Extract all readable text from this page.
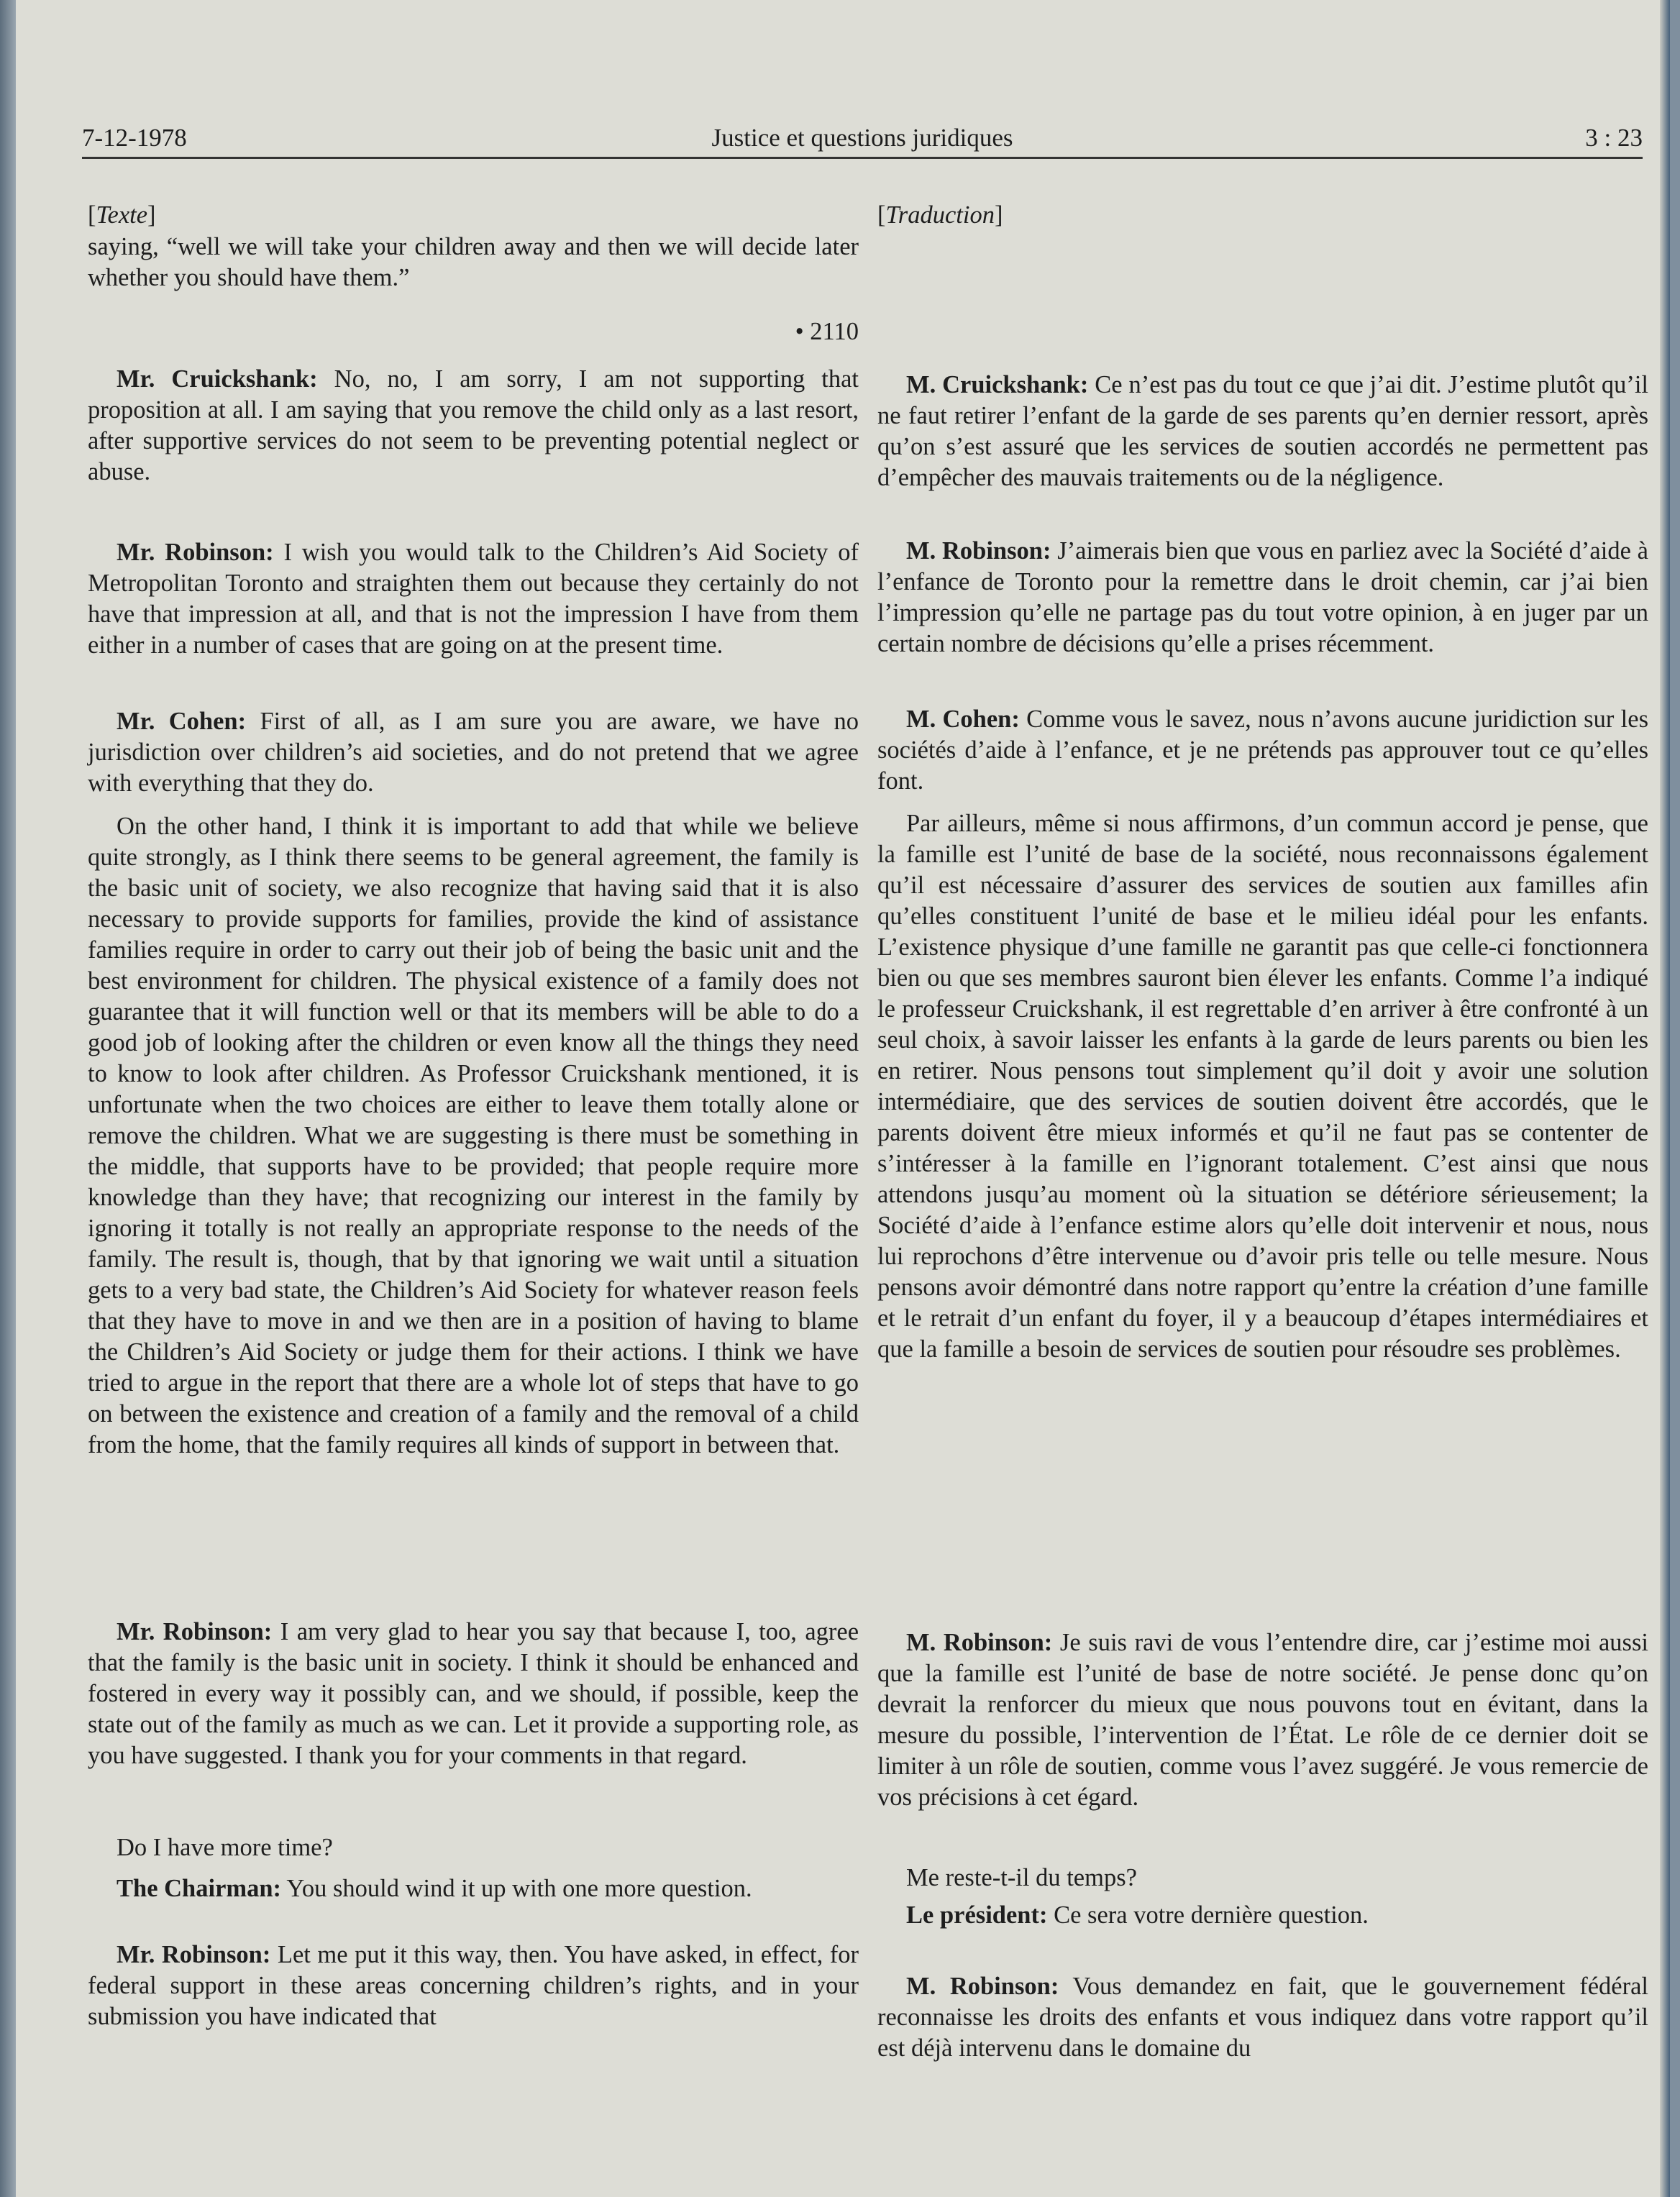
7-12-1978	Justice et questions juridiques	3 : 23
[Texte]

saying, “well we will take your children away and then we will decide later whether you should have them.”

• 2110

Mr. Cruickshank: No, no, I am sorry, I am not supporting that proposition at all. I am saying that you remove the child only as a last resort, after supportive services do not seem to be preventing potential neglect or abuse.

Mr. Robinson: I wish you would talk to the Children’s Aid Society of Metropolitan Toronto and straighten them out because they certainly do not have that impression at all, and that is not the impression I have from them either in a number of cases that are going on at the present time.

Mr. Cohen: First of all, as I am sure you are aware, we have no jurisdiction over children’s aid societies, and do not pretend that we agree with everything that they do.

On the other hand, I think it is important to add that while we believe quite strongly, as I think there seems to be general agreement, the family is the basic unit of society, we also recognize that having said that it is also necessary to provide supports for families, provide the kind of assistance families require in order to carry out their job of being the basic unit and the best environment for children. The physical existence of a family does not guarantee that it will function well or that its members will be able to do a good job of looking after the children or even know all the things they need to know to look after children. As Professor Cruickshank mentioned, it is unfortunate when the two choices are either to leave them totally alone or remove the children. What we are suggesting is there must be something in the middle, that supports have to be provided; that people require more knowledge than they have; that recognizing our interest in the family by ignoring it totally is not really an appropriate response to the needs of the family. The result is, though, that by that ignoring we wait until a situation gets to a very bad state, the Children’s Aid Society for whatever reason feels that they have to move in and we then are in a position of having to blame the Children’s Aid Society or judge them for their actions. I think we have tried to argue in the report that there are a whole lot of steps that have to go on between the existence and creation of a family and the removal of a child from the home, that the family requires all kinds of support in between that.

Mr. Robinson: I am very glad to hear you say that because I, too, agree that the family is the basic unit in society. I think it should be enhanced and fostered in every way it possibly can, and we should, if possible, keep the state out of the family as much as we can. Let it provide a supporting role, as you have suggested. I thank you for your comments in that regard.

Do I have more time?

The Chairman: You should wind it up with one more question.

Mr. Robinson: Let me put it this way, then. You have asked, in effect, for federal support in these areas concerning children’s rights, and in your submission you have indicated that

[Traduction]

M. Cruickshank: Ce n’est pas du tout ce que j’ai dit. J’estime plutôt qu’il ne faut retirer l’enfant de la garde de ses parents qu’en dernier ressort, après qu’on s’est assuré que les services de soutien accordés ne permettent pas d’empêcher des mauvais traitements ou de la négligence.

M. Robinson: J’aimerais bien que vous en parliez avec la Société d’aide à l’enfance de Toronto pour la remettre dans le droit chemin, car j’ai bien l’impression qu’elle ne partage pas du tout votre opinion, à en juger par un certain nombre de décisions qu’elle a prises récemment.

M. Cohen: Comme vous le savez, nous n’avons aucune juridiction sur les sociétés d’aide à l’enfance, et je ne prétends pas approuver tout ce qu’elles font.

Par ailleurs, même si nous affirmons, d’un commun accord je pense, que la famille est l’unité de base de la société, nous reconnaissons également qu’il est nécessaire d’assurer des services de soutien aux familles afin qu’elles constituent l’unité de base et le milieu idéal pour les enfants. L’existence physique d’une famille ne garantit pas que celle-ci fonctionnera bien ou que ses membres sauront bien élever les enfants. Comme l’a indiqué le professeur Cruickshank, il est regrettable d’en arriver à être confronté à un seul choix, à savoir laisser les enfants à la garde de leurs parents ou bien les en retirer. Nous pensons tout simplement qu’il doit y avoir une solution intermédiaire, que des services de soutien doivent être accordés, que le parents doivent être mieux informés et qu’il ne faut pas se contenter de s’intéresser à la famille en l’ignorant totalement. C’est ainsi que nous attendons jusqu’au moment où la situation se détériore sérieusement; la Société d’aide à l’enfance estime alors qu’elle doit intervenir et nous, nous lui reprochons d’être intervenue ou d’avoir pris telle ou telle mesure. Nous pensons avoir démontré dans notre rapport qu’entre la création d’une famille et le retrait d’un enfant du foyer, il y a beaucoup d’étapes intermédiaires et que la famille a besoin de services de soutien pour résoudre ses problèmes.

M. Robinson: Je suis ravi de vous l’entendre dire, car j’estime moi aussi que la famille est l’unité de base de notre société. Je pense donc qu’on devrait la renforcer du mieux que nous pouvons tout en évitant, dans la mesure du possible, l’intervention de l’État. Le rôle de ce dernier doit se limiter à un rôle de soutien, comme vous l’avez suggéré. Je vous remercie de vos précisions à cet égard.

Me reste-t-il du temps?

Le président: Ce sera votre dernière question.

M. Robinson: Vous demandez en fait, que le gouvernement fédéral reconnaisse les droits des enfants et vous indiquez dans votre rapport qu’il est déjà intervenu dans le domaine du
